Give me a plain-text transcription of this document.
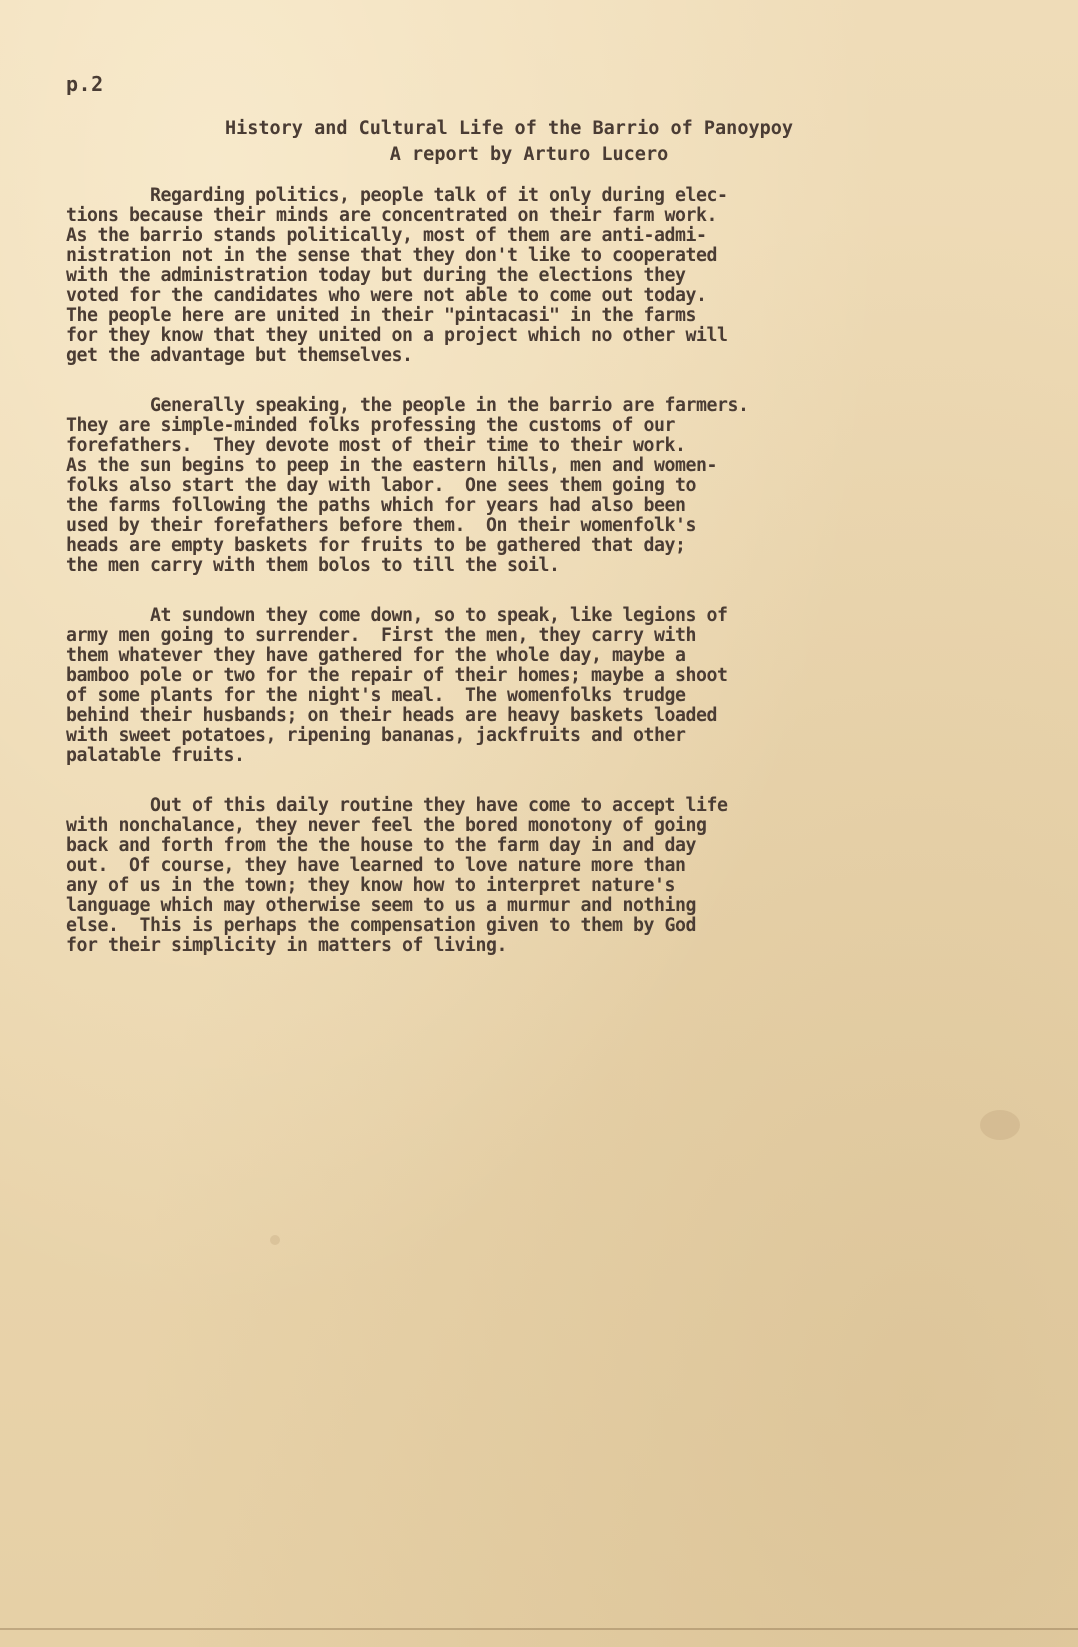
p.2
History and Cultural Life of the Barrio of Panoypoy
A report by Arturo Lucero
Regarding politics, people talk of it only during elec-
tions because their minds are concentrated on their farm work.
As the barrio stands politically, most of them are anti-admi-
nistration not in the sense that they don't like to cooperated
with the administration today but during the elections they
voted for the candidates who were not able to come out today.
The people here are united in their "pintacasi" in the farms
for they know that they united on a project which no other will
get the advantage but themselves.
Generally speaking, the people in the barrio are farmers.
They are simple-minded folks professing the customs of our
forefathers.  They devote most of their time to their work.
As the sun begins to peep in the eastern hills, men and women-
folks also start the day with labor.  One sees them going to
the farms following the paths which for years had also been
used by their forefathers before them.  On their womenfolk's
heads are empty baskets for fruits to be gathered that day;
the men carry with them bolos to till the soil.
At sundown they come down, so to speak, like legions of
army men going to surrender.  First the men, they carry with
them whatever they have gathered for the whole day, maybe a
bamboo pole or two for the repair of their homes; maybe a shoot
of some plants for the night's meal.  The womenfolks trudge
behind their husbands; on their heads are heavy baskets loaded
with sweet potatoes, ripening bananas, jackfruits and other
palatable fruits.
Out of this daily routine they have come to accept life
with nonchalance, they never feel the bored monotony of going
back and forth from the the house to the farm day in and day
out.  Of course, they have learned to love nature more than
any of us in the town; they know how to interpret nature's
language which may otherwise seem to us a murmur and nothing
else.  This is perhaps the compensation given to them by God
for their simplicity in matters of living.
